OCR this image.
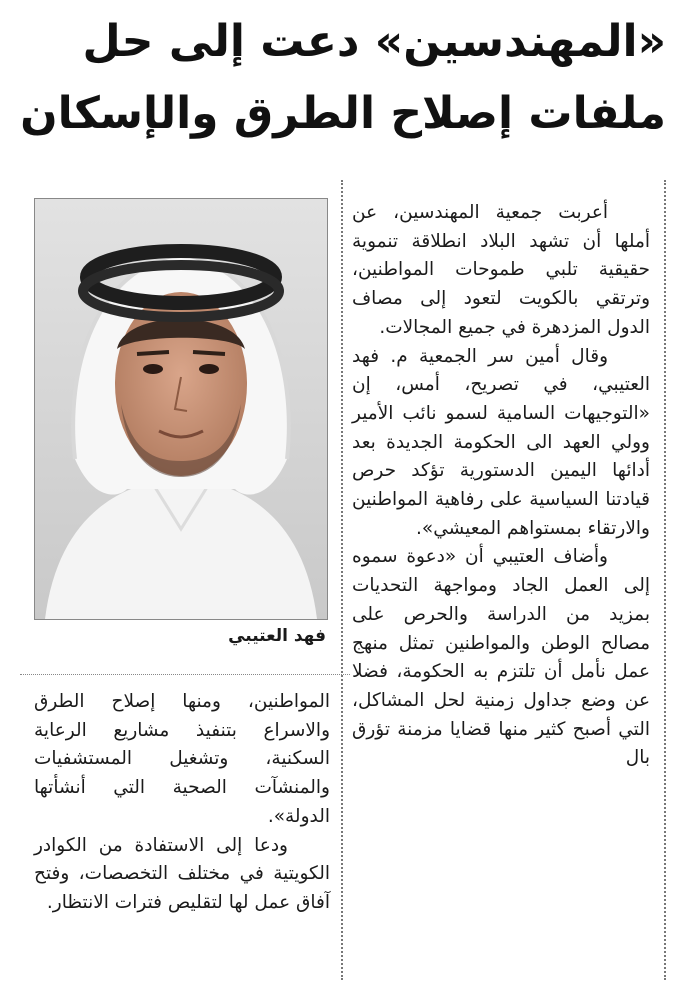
«المهندسين» دعت إلى حل
ملفات إصلاح الطرق والإسكان
فهد العتيبي

أعربت جمعية المهندسين، عن أملها أن تشهد البلاد انطلاقة تنموية حقيقية تلبي طموحات المواطنين، وترتقي بالكويت لتعود إلى مصاف الدول المزدهرة في جميع المجالات.

وقال أمين سر الجمعية م. فهد العتيبي، في تصريح، أمس، إن «التوجيهات السامية لسمو نائب الأمير وولي العهد الى الحكومة الجديدة بعد أدائها اليمين الدستورية تؤكد حرص قيادتنا السياسية على رفاهية المواطنين والارتقاء بمستواهم المعيشي».

وأضاف العتيبي أن «دعوة سموه إلى العمل الجاد ومواجهة التحديات بمزيد من الدراسة والحرص على مصالح الوطن والمواطنين تمثل منهج عمل نأمل أن تلتزم به الحكومة، فضلا عن وضع جداول زمنية لحل المشاكل، التي أصبح كثير منها قضايا مزمنة تؤرق بال

المواطنين، ومنها إصلاح الطرق والاسراع بتنفيذ مشاريع الرعاية السكنية، وتشغيل المستشفيات والمنشآت الصحية التي أنشأتها الدولة».

ودعا إلى الاستفادة من الكوادر الكويتية في مختلف التخصصات، وفتح آفاق عمل لها لتقليص فترات الانتظار.
